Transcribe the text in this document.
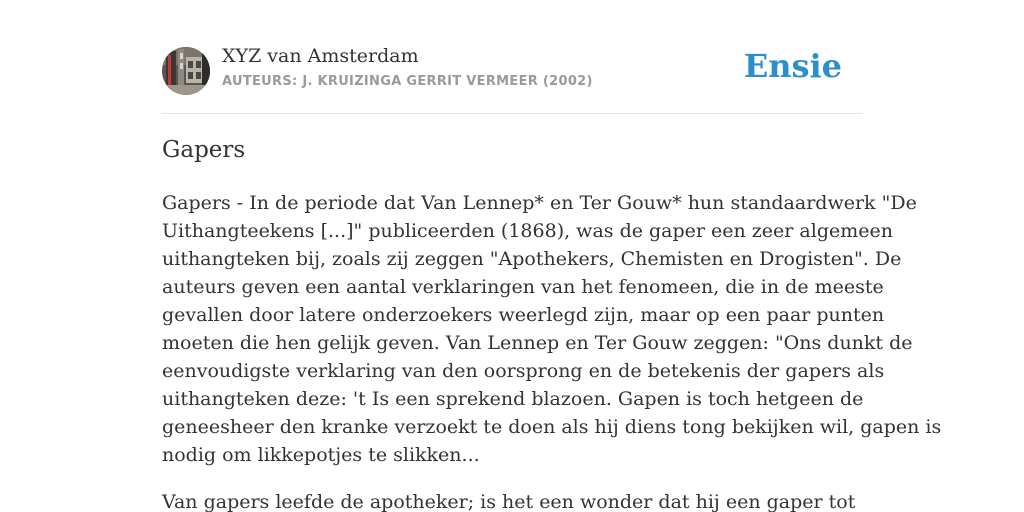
XYZ van Amsterdam
AUTEURS: J. KRUIZINGA GERRIT VERMEER (2002)	Ensie
Gapers

Gapers - In de periode dat Van Lennep* en Ter Gouw* hun standaardwerk "De
Uithangteekens [...]" publiceerden (1868), was de gaper een zeer algemeen
uithangteken bij, zoals zij zeggen "Apothekers, Chemisten en Drogisten". De
auteurs geven een aantal verklaringen van het fenomeen, die in de meeste
gevallen door latere onderzoekers weerlegd zijn, maar op een paar punten
moeten die hen gelijk geven. Van Lennep en Ter Gouw zeggen: "Ons dunkt de
eenvoudigste verklaring van den oorsprong en de betekenis der gapers als
uithangteken deze: 't Is een sprekend blazoen. Gapen is toch hetgeen de
geneesheer den kranke verzoekt te doen als hij diens tong bekijken wil, gapen is
nodig om likkepotjes te slikken...

Van gapers leefde de apotheker; is het een wonder dat hij een gaper tot
